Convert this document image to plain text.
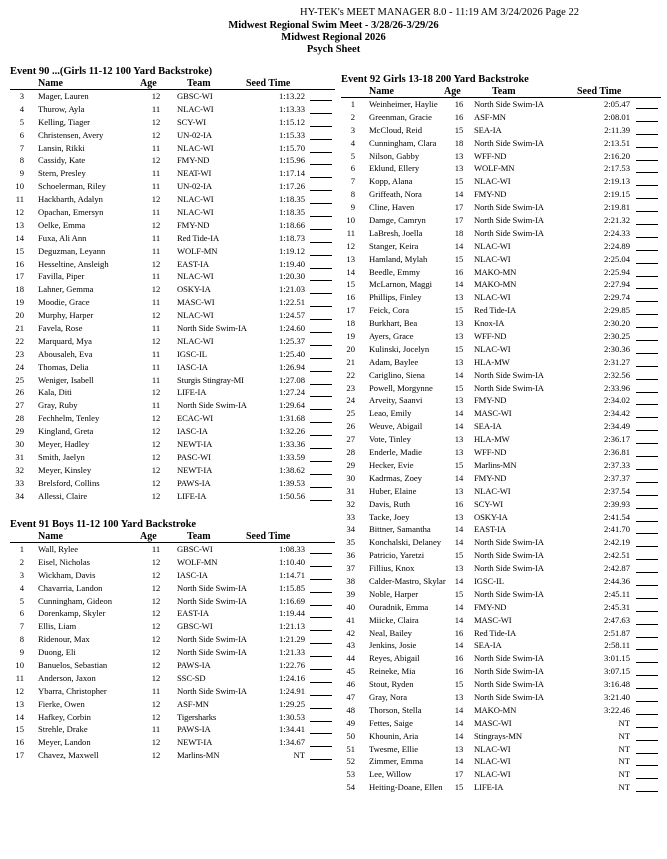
HY-TEK's MEET MANAGER 8.0 - 11:19 AM 3/24/2026 Page 22
Midwest Regional Swim Meet - 3/28/26-3/29/26
Midwest Regional 2026
Psych Sheet
Event 90 ...(Girls 11-12 100 Yard Backstroke)
Name	Age	Team	Seed Time
3 Mager, Lauren	12	GBSC-WI	1:13.22
4 Thurow, Ayla	11	NLAC-WI	1:13.33
5 Kelling, Tiager	12	SCY-WI	1:15.12
6 Christensen, Avery	12	UN-02-IA	1:15.33
7 Lansin, Rikki	11	NLAC-WI	1:15.70
8 Cassidy, Kate	12	FMY-ND	1:15.96
9 Stern, Presley	11	NEAT-WI	1:17.14
10 Schoelerman, Riley	11	UN-02-IA	1:17.26
11 Hackbarth, Adalyn	12	NLAC-WI	1:18.35
12 Opachan, Emersyn	11	NLAC-WI	1:18.35
13 Oelke, Emma	12	FMY-ND	1:18.66
14 Fuxa, Ali Ann	11	Red Tide-IA	1:18.73
15 Deguzman, Leyann	11	WOLF-MN	1:19.12
16 Hesseltine, Ansleigh	12	EAST-IA	1:19.40
17 Favilla, Piper	11	NLAC-WI	1:20.30
18 Lahner, Gemma	12	OSKY-IA	1:21.03
19 Moodie, Grace	11	MASC-WI	1:22.51
20 Murphy, Harper	12	NLAC-WI	1:24.57
21 Favela, Rose	11	North Side Swim-IA	1:24.60
22 Marquard, Mya	12	NLAC-WI	1:25.37
23 Abousaleh, Eva	11	IGSC-IL	1:25.40
24 Thomas, Delia	11	IASC-IA	1:26.94
25 Weniger, Isabell	11	Sturgis Stingray-MI	1:27.08
26 Kala, Diti	12	LIFE-IA	1:27.24
27 Gray, Ruby	11	North Side Swim-IA	1:29.64
28 Fechhelm, Tenley	12	ECAC-WI	1:31.68
29 Kingland, Greta	12	IASC-IA	1:32.26
30 Meyer, Hadley	12	NEWT-IA	1:33.36
31 Smith, Jaelyn	12	PASC-WI	1:33.59
32 Meyer, Kinsley	12	NEWT-IA	1:38.62
33 Brelsford, Collins	12	PAWS-IA	1:39.53
34 Allessi, Claire	12	LIFE-IA	1:50.56
Event 91 Boys 11-12 100 Yard Backstroke
Name	Age	Team	Seed Time
1 Wall, Rylee	11	GBSC-WI	1:08.33
2 Eisel, Nicholas	12	WOLF-MN	1:10.40
3 Wickham, Davis	12	IASC-IA	1:14.71
4 Chavarria, Landon	12	North Side Swim-IA	1:15.85
5 Cunningham, Gideon	12	North Side Swim-IA	1:16.69
6 Dorenkamp, Skyler	12	EAST-IA	1:19.44
7 Ellis, Liam	12	GBSC-WI	1:21.13
8 Ridenour, Max	12	North Side Swim-IA	1:21.29
9 Duong, Eli	12	North Side Swim-IA	1:21.33
10 Banuelos, Sebastian	12	PAWS-IA	1:22.76
11 Anderson, Jaxon	12	SSC-SD	1:24.16
12 Ybarra, Christopher	11	North Side Swim-IA	1:24.91
13 Fierke, Owen	12	ASF-MN	1:29.25
14 Hafkey, Corbin	12	Tigersharks	1:30.53
15 Strehle, Drake	11	PAWS-IA	1:34.41
16 Meyer, Landon	12	NEWT-IA	1:34.67
17 Chavez, Maxwell	12	Marlins-MN	NT
Event 92 Girls 13-18 200 Yard Backstroke
Name	Age	Team	Seed Time
1 Weinheimer, Haylie	16	North Side Swim-IA	2:05.47
2 Greenman, Gracie	16	ASF-MN	2:08.01
3 McCloud, Reid	15	SEA-IA	2:11.39
4 Cunningham, Clara	18	North Side Swim-IA	2:13.51
5 Nilson, Gabby	13	WFF-ND	2:16.20
6 Eklund, Ellery	13	WOLF-MN	2:17.53
7 Kopp, Alana	15	NLAC-WI	2:19.13
8 Griffeath, Nora	14	FMY-ND	2:19.15
9 Cline, Haven	17	North Side Swim-IA	2:19.81
10 Damge, Camryn	17	North Side Swim-IA	2:21.32
11 LaBresh, Joella	18	North Side Swim-IA	2:24.33
12 Stanger, Keira	14	NLAC-WI	2:24.89
13 Hamland, Mylah	15	NLAC-WI	2:25.04
14 Beedle, Emmy	16	MAKO-MN	2:25.94
15 McLarnon, Maggi	14	MAKO-MN	2:27.94
16 Phillips, Finley	13	NLAC-WI	2:29.74
17 Feick, Cora	15	Red Tide-IA	2:29.85
18 Burkhart, Bea	13	Knox-IA	2:30.20
19 Ayers, Grace	13	WFF-ND	2:30.25
20 Kulinski, Jocelyn	15	NLAC-WI	2:30.36
21 Adam, Baylee	13	HLA-MW	2:31.27
22 Cariglino, Siena	14	North Side Swim-IA	2:32.56
23 Powell, Morgynne	15	North Side Swim-IA	2:33.96
24 Arveity, Saanvi	13	FMY-ND	2:34.02
25 Leao, Emily	14	MASC-WI	2:34.42
26 Weuve, Abigail	14	SEA-IA	2:34.49
27 Vote, Tinley	13	HLA-MW	2:36.17
28 Enderle, Madie	13	WFF-ND	2:36.81
29 Hecker, Evie	15	Marlins-MN	2:37.33
30 Kadrmas, Zoey	14	FMY-ND	2:37.37
31 Huber, Elaine	13	NLAC-WI	2:37.54
32 Davis, Ruth	16	SCY-WI	2:39.93
33 Tacke, Joey	13	OSKY-IA	2:41.54
34 Bittner, Samantha	14	EAST-IA	2:41.70
35 Konchalski, Delaney	14	North Side Swim-IA	2:42.19
36 Patricio, Yaretzi	15	North Side Swim-IA	2:42.51
37 Fillius, Knox	13	North Side Swim-IA	2:42.87
38 Calder-Mastro, Skylar	14	IGSC-IL	2:44.36
39 Noble, Harper	15	North Side Swim-IA	2:45.11
40 Ouradnik, Emma	14	FMY-ND	2:45.31
41 Miicke, Claira	14	MASC-WI	2:47.63
42 Neal, Bailey	16	Red Tide-IA	2:51.87
43 Jenkins, Josie	14	SEA-IA	2:58.11
44 Reyes, Abigail	16	North Side Swim-IA	3:01.15
45 Reineke, Mia	16	North Side Swim-IA	3:07.15
46 Stout, Ryden	15	North Side Swim-IA	3:16.48
47 Gray, Nora	13	North Side Swim-IA	3:21.40
48 Thorson, Stella	14	MAKO-MN	3:22.46
49 Fettes, Saige	14	MASC-WI	NT
50 Khounin, Aria	14	Stingrays-MN	NT
51 Twesme, Ellie	13	NLAC-WI	NT
52 Zimmer, Emma	14	NLAC-WI	NT
53 Lee, Willow	17	NLAC-WI	NT
54 Heiting-Doane, Ellen	15	LIFE-IA	NT
